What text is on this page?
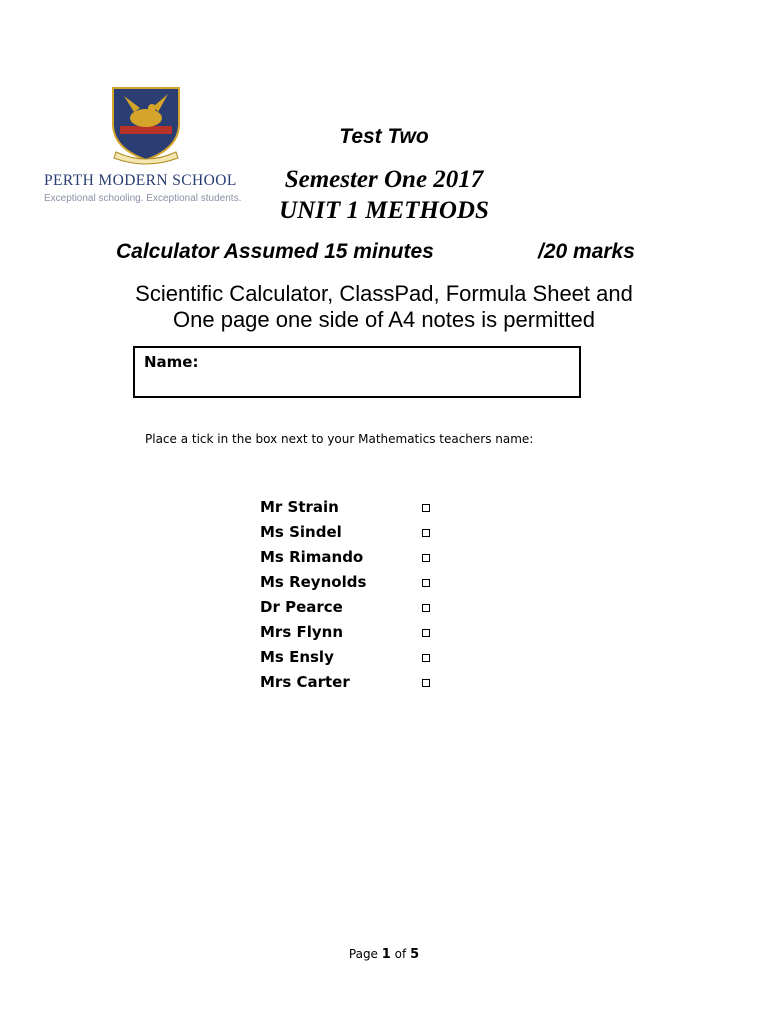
PERTH MODERN SCHOOL
Exceptional schooling. Exceptional students.
Test Two
Semester One 2017
UNIT 1 METHODS
Calculator Assumed 15 minutes	/20 marks
Scientific Calculator, ClassPad, Formula Sheet and
One page one side of A4 notes is permitted
Name:
Place a tick in the box next to your Mathematics teachers name:
Mr Strain
Ms Sindel
Ms Rimando
Ms Reynolds
Dr Pearce
Mrs Flynn
Ms Ensly
Mrs Carter
Page 1 of 5
